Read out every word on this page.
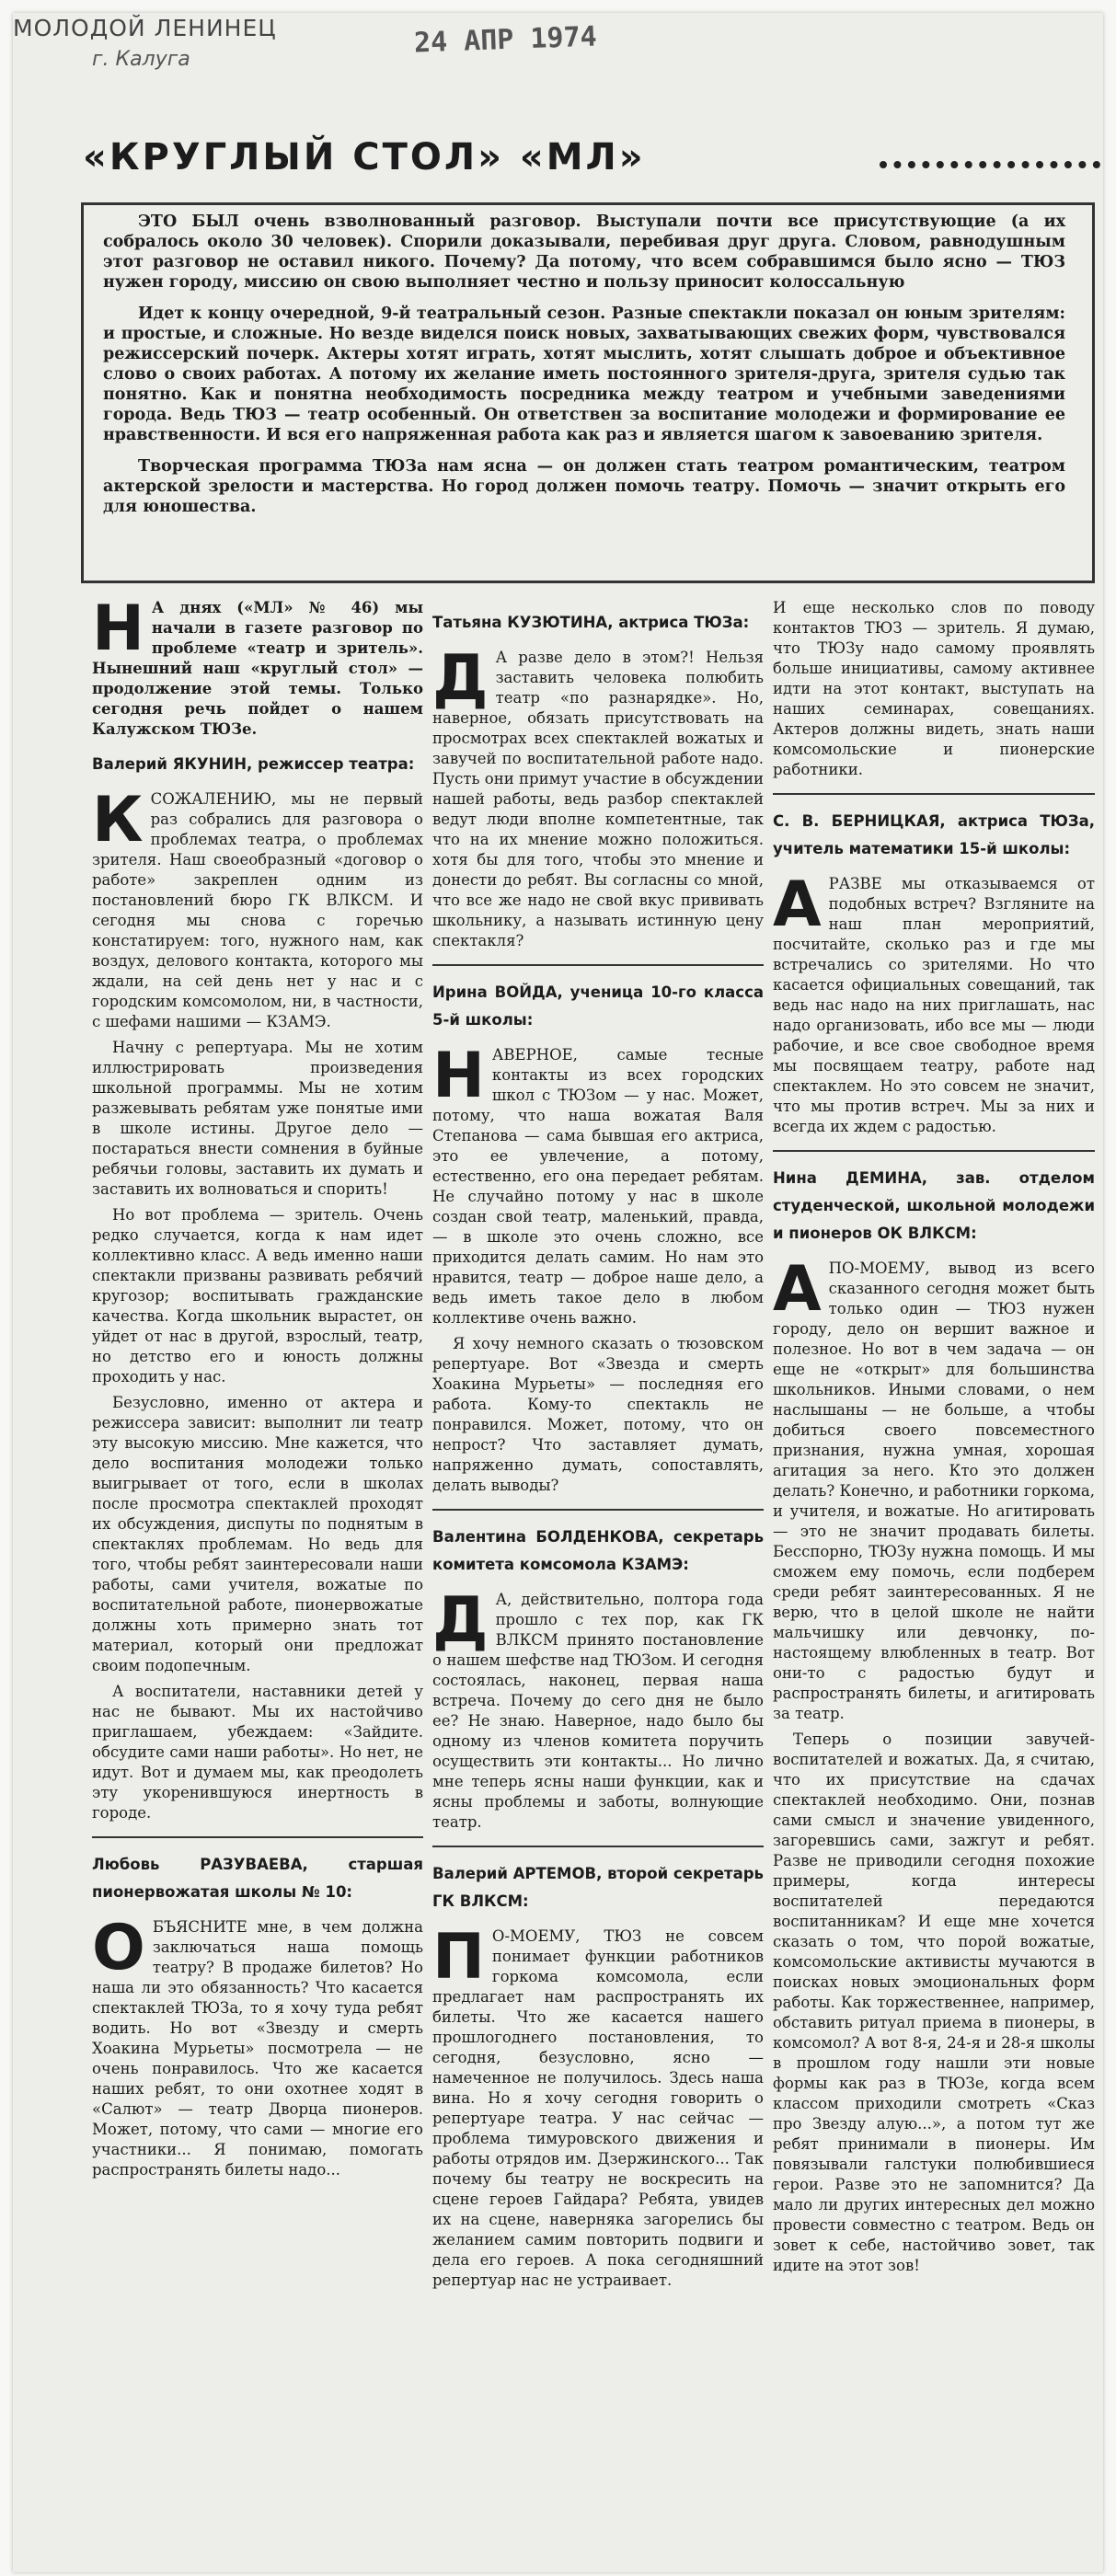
МОЛОДОЙ ЛЕНИНЕЦ
г. Калуга
24 АПР 1974
«КРУГЛЫЙ СТОЛ» «МЛ»

ЭТО БЫЛ очень взволнованный разговор. Выступали почти все присутствующие (а их собралось около 30 человек). Спорили доказывали, перебивая друг друга. Словом, равнодушным этот разговор не оставил никого. Почему? Да потому, что всем собравшимся было ясно — ТЮЗ нужен городу, миссию он свою выполняет честно и пользу приносит колоссальную

Идет к концу очередной, 9-й театральный сезон. Разные спектакли показал он юным зрителям: и простые, и сложные. Но везде виделся поиск новых, захватывающих свежих форм, чувствовался режиссерский почерк. Актеры хотят играть, хотят мыслить, хотят слышать доброе и объективное слово о своих работах. А потому их желание иметь постоянного зрителя-друга, зрителя судью так понятно. Как и понятна необходимость посредника между театром и учебными заведениями города. Ведь ТЮЗ — театр особенный. Он ответствен за воспитание молодежи и формирование ее нравственности. И вся его напряженная работа как раз и является шагом к завоеванию зрителя.

Творческая программа ТЮЗа нам ясна — он должен стать театром романтическим, театром актерской зрелости и мастерства. Но город должен помочь театру. Помочь — значит открыть его для юношества.

Н А днях («МЛ» № 46) мы начали в газете разговор по проблеме «театр и зритель». Нынешний наш «круглый стол» — продолжение этой темы. Только сегодня речь пойдет о нашем Калужском ТЮЗе.
Валерий ЯКУНИН, режиссер театра:
К СОЖАЛЕНИЮ, мы не первый раз собрались для разговора о проблемах театра, о проблемах зрителя. Наш своеобразный «договор о работе» закреплен одним из постановлений бюро ГК ВЛКСМ. И сегодня мы снова с горечью констатируем: того, нужного нам, как воздух, делового контакта, которого мы ждали, на сей день нет у нас и с городским комсомолом, ни, в частности, с шефами нашими — КЗАМЭ.

Начну с репертуара. Мы не хотим иллюстрировать произведения школьной программы. Мы не хотим разжевывать ребятам уже понятые ими в школе истины. Другое дело — постараться внести сомнения в буйные ребячьи головы, заставить их думать и заставить их волноваться и спорить!

Но вот проблема — зритель. Очень редко случается, когда к нам идет коллективно класс. А ведь именно наши спектакли призваны развивать ребячий кругозор; воспитывать гражданские качества. Когда школьник вырастет, он уйдет от нас в другой, взрослый, театр, но детство его и юность должны проходить у нас.

Безусловно, именно от актера и режиссера зависит: выполнит ли театр эту высокую миссию. Мне кажется, что дело воспитания молодежи только выигрывает от того, если в школах после просмотра спектаклей проходят их обсуждения, диспуты по поднятым в спектаклях проблемам. Но ведь для того, чтобы ребят заинтересовали наши работы, сами учителя, вожатые по воспитательной работе, пионервожатые должны хоть примерно знать тот материал, который они предложат своим подопечным.

А воспитатели, наставники детей у нас не бывают. Мы их настойчиво приглашаем, убеждаем: «Зайдите. обсудите сами наши работы». Но нет, не идут. Вот и думаем мы, как преодолеть эту укоренившуюся инертность в городе.

Любовь РАЗУВАЕВА, старшая пионервожатая школы № 10:
О БЪЯСНИТЕ мне, в чем должна заключаться наша помощь театру? В продаже билетов? Но наша ли это обязанность? Что касается спектаклей ТЮЗа, то я хочу туда ребят водить. Но вот «Звезду и смерть Хоакина Мурьеты» посмотрела — не очень понравилось. Что же касается наших ребят, то они охотнее ходят в «Салют» — театр Дворца пионеров. Может, потому, что сами — многие его участники... Я понимаю, помогать распространять билеты надо...

Татьяна КУЗЮТИНА, актриса ТЮЗа:
Д А разве дело в этом?! Нельзя заставить человека полюбить театр «по разнарядке». Но, наверное, обязать присутствовать на просмотрах всех спектаклей вожатых и завучей по воспитательной работе надо. Пусть они примут участие в обсуждении нашей работы, ведь разбор спектаклей ведут люди вполне компетентные, так что на их мнение можно положиться. хотя бы для того, чтобы это мнение и донести до ребят. Вы согласны со мной, что все же надо не свой вкус прививать школьнику, а называть истинную цену спектакля?

Ирина ВОЙДА, ученица 10-го класса 5-й школы:
Н АВЕРНОЕ, самые тесные контакты из всех городских школ с ТЮЗом — у нас. Может, потому, что наша вожатая Валя Степанова — сама бывшая его актриса, это ее увлечение, а потому, естественно, его она передает ребятам. Не случайно потому у нас в школе создан свой театр, маленький, правда, — в школе это очень сложно, все приходится делать самим. Но нам это нравится, театр — доброе наше дело, а ведь иметь такое дело в любом коллективе очень важно.

Я хочу немного сказать о тюзовском репертуаре. Вот «Звезда и смерть Хоакина Мурьеты» — последняя его работа. Кому-то спектакль не понравился. Может, потому, что он непрост? Что заставляет думать, напряженно думать, сопоставлять, делать выводы?

Валентина БОЛДЕНКОВА, секретарь комитета комсомола КЗАМЭ:
Д А, действительно, полтора года прошло с тех пор, как ГК ВЛКСМ принято постановление о нашем шефстве над ТЮЗом. И сегодня состоялась, наконец, первая наша встреча. Почему до сего дня не было ее? Не знаю. Наверное, надо было бы одному из членов комитета поручить осуществить эти контакты... Но лично мне теперь ясны наши функции, как и ясны проблемы и заботы, волнующие театр.

Валерий АРТЕМОВ, второй секретарь ГК ВЛКСМ:
П О-МОЕМУ, ТЮЗ не совсем понимает функции работников горкома комсомола, если предлагает нам распространять их билеты. Что же касается нашего прошлогоднего постановления, то сегодня, безусловно, ясно — намеченное не получилось. Здесь наша вина. Но я хочу сегодня говорить о репертуаре театра. У нас сейчас — проблема тимуровского движения и работы отрядов им. Дзержинского... Так почему бы театру не воскресить на сцене героев Гайдара? Ребята, увидев их на сцене, наверняка загорелись бы желанием самим повторить подвиги и дела его героев. А пока сегодняшний репертуар нас не устраивает.

И еще несколько слов по поводу контактов ТЮЗ — зритель. Я думаю, что ТЮЗу надо самому проявлять больше инициативы, самому активнее идти на этот контакт, выступать на наших семинарах, совещаниях. Актеров должны видеть, знать наши комсомольские и пионерские работники.

С. В. БЕРНИЦКАЯ, актриса ТЮЗа, учитель математики 15-й школы:
А РАЗВЕ мы отказываемся от подобных встреч? Взгляните на наш план мероприятий, посчитайте, сколько раз и где мы встречались со зрителями. Но что касается официальных совещаний, так ведь нас надо на них приглашать, нас надо организовать, ибо все мы — люди рабочие, и все свое свободное время мы посвящаем театру, работе над спектаклем. Но это совсем не значит, что мы против встреч. Мы за них и всегда их ждем с радостью.

Нина ДЕМИНА, зав. отделом студенческой, школьной молодежи и пионеров ОК ВЛКСМ:
А ПО-МОЕМУ, вывод из всего сказанного сегодня может быть только один — ТЮЗ нужен городу, дело он вершит важное и полезное. Но вот в чем задача — он еще не «открыт» для большинства школьников. Иными словами, о нем наслышаны — не больше, а чтобы добиться своего повсеместного признания, нужна умная, хорошая агитация за него. Кто это должен делать? Конечно, и работники горкома, и учителя, и вожатые. Но агитировать — это не значит продавать билеты. Бесспорно, ТЮЗу нужна помощь. И мы сможем ему помочь, если подберем среди ребят заинтересованных. Я не верю, что в целой школе не найти мальчишку или девчонку, по-настоящему влюбленных в театр. Вот они-то с радостью будут и распространять билеты, и агитировать за театр.

Теперь о позиции завучей-воспитателей и вожатых. Да, я считаю, что их присутствие на сдачах спектаклей необходимо. Они, познав сами смысл и значение увиденного, загоревшись сами, зажгут и ребят. Разве не приводили сегодня похожие примеры, когда интересы воспитателей передаются воспитанникам? И еще мне хочется сказать о том, что порой вожатые, комсомольские активисты мучаются в поисках новых эмоциональных форм работы. Как торжественнее, например, обставить ритуал приема в пионеры, в комсомол? А вот 8-я, 24-я и 28-я школы в прошлом году нашли эти новые формы как раз в ТЮЗе, когда всем классом приходили смотреть «Сказ про Звезду алую...», а потом тут же ребят принимали в пионеры. Им повязывали галстуки полюбившиеся герои. Разве это не запомнится? Да мало ли других интересных дел можно провести совместно с театром. Ведь он зовет к себе, настойчиво зовет, так идите на этот зов!
